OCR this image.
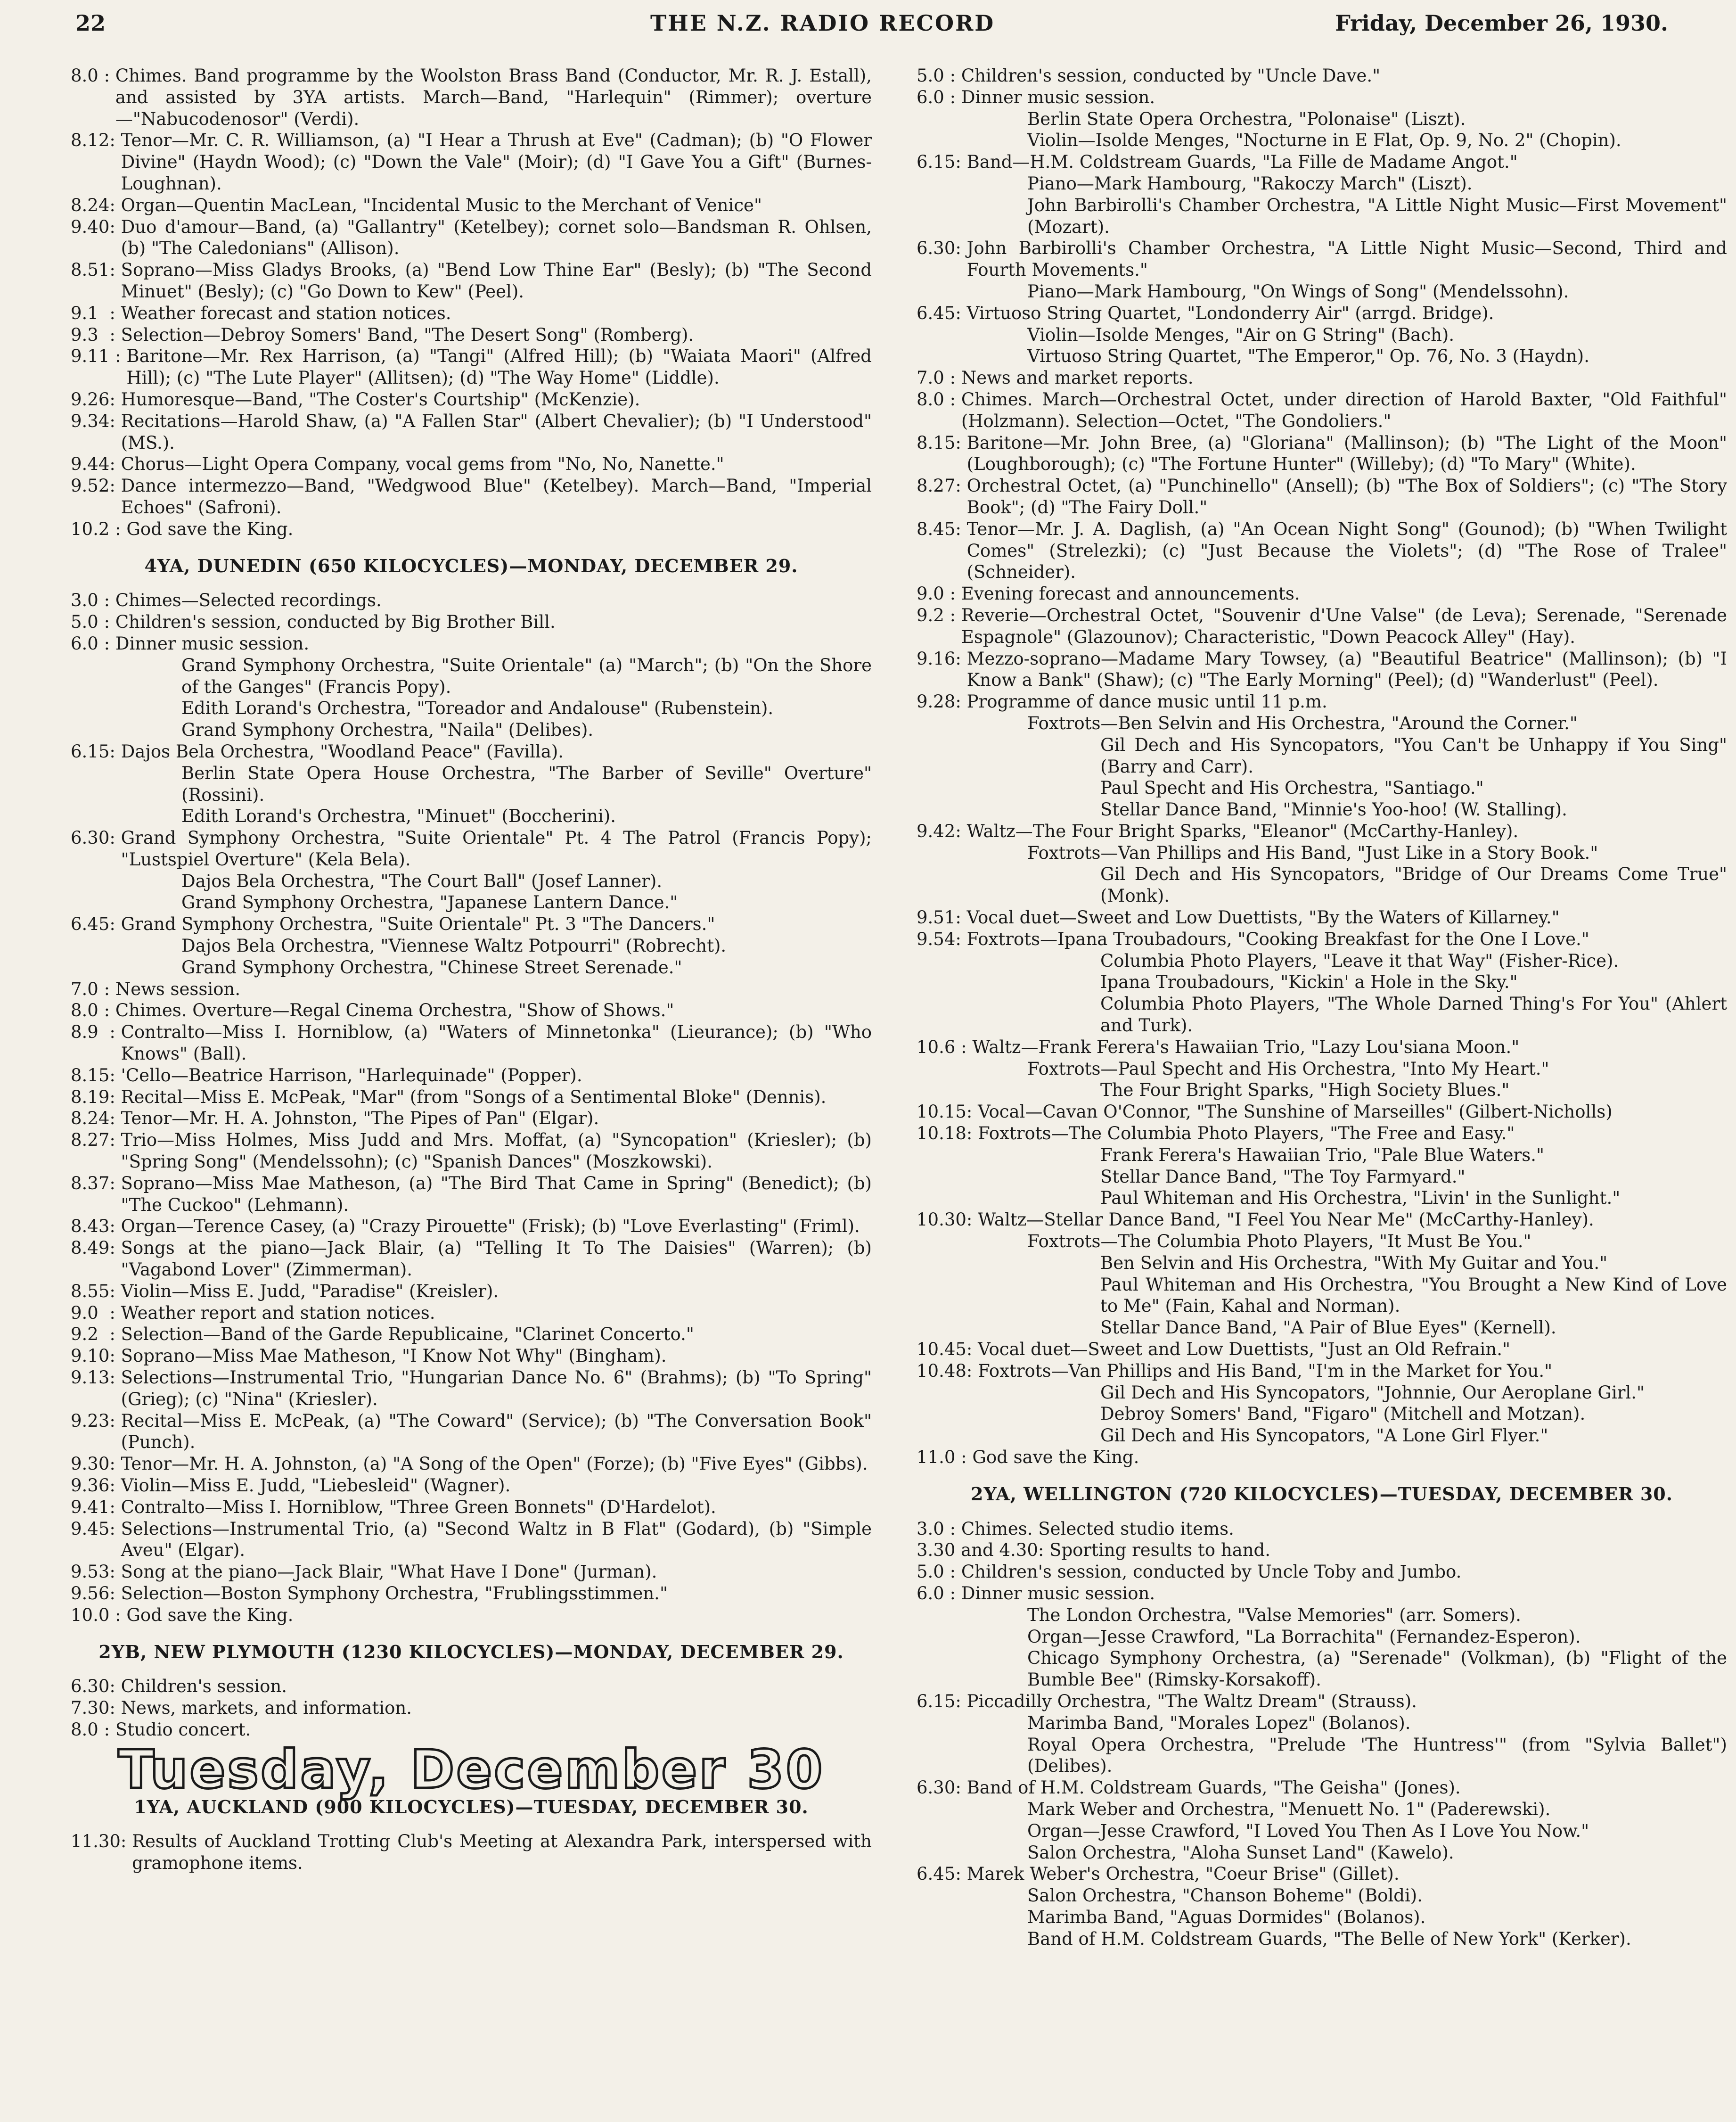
22	THE N.Z. RADIO RECORD	Friday, December 26, 1930.
8.0 : Chimes. Band programme by the Woolston Brass Band (Conductor, Mr. R. J. Estall), and assisted by 3YA artists. March—Band, "Harlequin" (Rimmer); overture—"Nabucodenosor" (Verdi).
8.12: Tenor—Mr. C. R. Williamson, (a) "I Hear a Thrush at Eve" (Cadman); (b) "O Flower Divine" (Haydn Wood); (c) "Down the Vale" (Moir); (d) "I Gave You a Gift" (Burnes-Loughnan).
8.24: Organ—Quentin MacLean, "Incidental Music to the Merchant of Venice"
9.40: Duo d'amour—Band, (a) "Gallantry" (Ketelbey); cornet solo—Bandsman R. Ohlsen, (b) "The Caledonians" (Allison).
8.51: Soprano—Miss Gladys Brooks, (a) "Bend Low Thine Ear" (Besly); (b) "The Second Minuet" (Besly); (c) "Go Down to Kew" (Peel).
9.1  : Weather forecast and station notices.
9.3  : Selection—Debroy Somers' Band, "The Desert Song" (Romberg).
9.11 : Baritone—Mr. Rex Harrison, (a) "Tangi" (Alfred Hill); (b) "Waiata Maori" (Alfred Hill); (c) "The Lute Player" (Allitsen); (d) "The Way Home" (Liddle).
9.26: Humoresque—Band, "The Coster's Courtship" (McKenzie).
9.34: Recitations—Harold Shaw, (a) "A Fallen Star" (Albert Chevalier); (b) "I Understood" (MS.).
9.44: Chorus—Light Opera Company, vocal gems from "No, No, Nanette."
9.52: Dance intermezzo—Band, "Wedgwood Blue" (Ketelbey). March—Band, "Imperial Echoes" (Safroni).
10.2 : God save the King.
4YA, DUNEDIN (650 KILOCYCLES)—MONDAY, DECEMBER 29.
3.0 : Chimes—Selected recordings.
5.0 : Children's session, conducted by Big Brother Bill.
6.0 : Dinner music session.
Grand Symphony Orchestra, "Suite Orientale" (a) "March"; (b) "On the Shore of the Ganges" (Francis Popy).
Edith Lorand's Orchestra, "Toreador and Andalouse" (Rubenstein).
Grand Symphony Orchestra, "Naila" (Delibes).
6.15: Dajos Bela Orchestra, "Woodland Peace" (Favilla).
Berlin State Opera House Orchestra, "The Barber of Seville" Overture" (Rossini).
Edith Lorand's Orchestra, "Minuet" (Boccherini).
6.30: Grand Symphony Orchestra, "Suite Orientale" Pt. 4 The Patrol (Francis Popy); "Lustspiel Overture" (Kela Bela).
Dajos Bela Orchestra, "The Court Ball" (Josef Lanner).
Grand Symphony Orchestra, "Japanese Lantern Dance."
6.45: Grand Symphony Orchestra, "Suite Orientale" Pt. 3 "The Dancers."
Dajos Bela Orchestra, "Viennese Waltz Potpourri" (Robrecht).
Grand Symphony Orchestra, "Chinese Street Serenade."
7.0 : News session.
8.0 : Chimes. Overture—Regal Cinema Orchestra, "Show of Shows."
8.9  : Contralto—Miss I. Horniblow, (a) "Waters of Minnetonka" (Lieurance); (b) "Who Knows" (Ball).
8.15: 'Cello—Beatrice Harrison, "Harlequinade" (Popper).
8.19: Recital—Miss E. McPeak, "Mar" (from "Songs of a Sentimental Bloke" (Dennis).
8.24: Tenor—Mr. H. A. Johnston, "The Pipes of Pan" (Elgar).
8.27: Trio—Miss Holmes, Miss Judd and Mrs. Moffat, (a) "Syncopation" (Kriesler); (b) "Spring Song" (Mendelssohn); (c) "Spanish Dances" (Moszkowski).
8.37: Soprano—Miss Mae Matheson, (a) "The Bird That Came in Spring" (Benedict); (b) "The Cuckoo" (Lehmann).
8.43: Organ—Terence Casey, (a) "Crazy Pirouette" (Frisk); (b) "Love Everlasting" (Friml).
8.49: Songs at the piano—Jack Blair, (a) "Telling It To The Daisies" (Warren); (b) "Vagabond Lover" (Zimmerman).
8.55: Violin—Miss E. Judd, "Paradise" (Kreisler).
9.0  : Weather report and station notices.
9.2  : Selection—Band of the Garde Republicaine, "Clarinet Concerto."
9.10: Soprano—Miss Mae Matheson, "I Know Not Why" (Bingham).
9.13: Selections—Instrumental Trio, "Hungarian Dance No. 6" (Brahms); (b) "To Spring" (Grieg); (c) "Nina" (Kriesler).
9.23: Recital—Miss E. McPeak, (a) "The Coward" (Service); (b) "The Conversation Book" (Punch).
9.30: Tenor—Mr. H. A. Johnston, (a) "A Song of the Open" (Forze); (b) "Five Eyes" (Gibbs).
9.36: Violin—Miss E. Judd, "Liebesleid" (Wagner).
9.41: Contralto—Miss I. Horniblow, "Three Green Bonnets" (D'Hardelot).
9.45: Selections—Instrumental Trio, (a) "Second Waltz in B Flat" (Godard), (b) "Simple Aveu" (Elgar).
9.53: Song at the piano—Jack Blair, "What Have I Done" (Jurman).
9.56: Selection—Boston Symphony Orchestra, "Frublingsstimmen."
10.0 : God save the King.
2YB, NEW PLYMOUTH (1230 KILOCYCLES)—MONDAY, DECEMBER 29.
6.30: Children's session.
7.30: News, markets, and information.
8.0 : Studio concert.
Tuesday, December 30
1YA, AUCKLAND (900 KILOCYCLES)—TUESDAY, DECEMBER 30.
11.30: Results of Auckland Trotting Club's Meeting at Alexandra Park, interspersed with gramophone items.
5.0 : Children's session, conducted by "Uncle Dave."
6.0 : Dinner music session.
Berlin State Opera Orchestra, "Polonaise" (Liszt).
Violin—Isolde Menges, "Nocturne in E Flat, Op. 9, No. 2" (Chopin).
6.15: Band—H.M. Coldstream Guards, "La Fille de Madame Angot."
Piano—Mark Hambourg, "Rakoczy March" (Liszt).
John Barbirolli's Chamber Orchestra, "A Little Night Music—First Movement" (Mozart).
6.30: John Barbirolli's Chamber Orchestra, "A Little Night Music—Second, Third and Fourth Movements."
Piano—Mark Hambourg, "On Wings of Song" (Mendelssohn).
6.45: Virtuoso String Quartet, "Londonderry Air" (arrgd. Bridge).
Violin—Isolde Menges, "Air on G String" (Bach).
Virtuoso String Quartet, "The Emperor," Op. 76, No. 3 (Haydn).
7.0 : News and market reports.
8.0 : Chimes. March—Orchestral Octet, under direction of Harold Baxter, "Old Faithful" (Holzmann). Selection—Octet, "The Gondoliers."
8.15: Baritone—Mr. John Bree, (a) "Gloriana" (Mallinson); (b) "The Light of the Moon" (Loughborough); (c) "The Fortune Hunter" (Willeby); (d) "To Mary" (White).
8.27: Orchestral Octet, (a) "Punchinello" (Ansell); (b) "The Box of Soldiers"; (c) "The Story Book"; (d) "The Fairy Doll."
8.45: Tenor—Mr. J. A. Daglish, (a) "An Ocean Night Song" (Gounod); (b) "When Twilight Comes" (Strelezki); (c) "Just Because the Violets"; (d) "The Rose of Tralee" (Schneider).
9.0 : Evening forecast and announcements.
9.2 : Reverie—Orchestral Octet, "Souvenir d'Une Valse" (de Leva); Serenade, "Serenade Espagnole" (Glazounov); Characteristic, "Down Peacock Alley" (Hay).
9.16: Mezzo-soprano—Madame Mary Towsey, (a) "Beautiful Beatrice" (Mallinson); (b) "I Know a Bank" (Shaw); (c) "The Early Morning" (Peel); (d) "Wanderlust" (Peel).
9.28: Programme of dance music until 11 p.m.
Foxtrots—Ben Selvin and His Orchestra, "Around the Corner."
Gil Dech and His Syncopators, "You Can't be Unhappy if You Sing" (Barry and Carr).
Paul Specht and His Orchestra, "Santiago."
Stellar Dance Band, "Minnie's Yoo-hoo! (W. Stalling).
9.42: Waltz—The Four Bright Sparks, "Eleanor" (McCarthy-Hanley).
Foxtrots—Van Phillips and His Band, "Just Like in a Story Book."
Gil Dech and His Syncopators, "Bridge of Our Dreams Come True" (Monk).
9.51: Vocal duet—Sweet and Low Duettists, "By the Waters of Killarney."
9.54: Foxtrots—Ipana Troubadours, "Cooking Breakfast for the One I Love."
Columbia Photo Players, "Leave it that Way" (Fisher-Rice).
Ipana Troubadours, "Kickin' a Hole in the Sky."
Columbia Photo Players, "The Whole Darned Thing's For You" (Ahlert and Turk).
10.6 : Waltz—Frank Ferera's Hawaiian Trio, "Lazy Lou'siana Moon."
Foxtrots—Paul Specht and His Orchestra, "Into My Heart."
The Four Bright Sparks, "High Society Blues."
10.15: Vocal—Cavan O'Connor, "The Sunshine of Marseilles" (Gilbert-Nicholls)
10.18: Foxtrots—The Columbia Photo Players, "The Free and Easy."
Frank Ferera's Hawaiian Trio, "Pale Blue Waters."
Stellar Dance Band, "The Toy Farmyard."
Paul Whiteman and His Orchestra, "Livin' in the Sunlight."
10.30: Waltz—Stellar Dance Band, "I Feel You Near Me" (McCarthy-Hanley).
Foxtrots—The Columbia Photo Players, "It Must Be You."
Ben Selvin and His Orchestra, "With My Guitar and You."
Paul Whiteman and His Orchestra, "You Brought a New Kind of Love to Me" (Fain, Kahal and Norman).
Stellar Dance Band, "A Pair of Blue Eyes" (Kernell).
10.45: Vocal duet—Sweet and Low Duettists, "Just an Old Refrain."
10.48: Foxtrots—Van Phillips and His Band, "I'm in the Market for You."
Gil Dech and His Syncopators, "Johnnie, Our Aeroplane Girl."
Debroy Somers' Band, "Figaro" (Mitchell and Motzan).
Gil Dech and His Syncopators, "A Lone Girl Flyer."
11.0 : God save the King.
2YA, WELLINGTON (720 KILOCYCLES)—TUESDAY, DECEMBER 30.
3.0 : Chimes. Selected studio items.
3.30 and 4.30: Sporting results to hand.
5.0 : Children's session, conducted by Uncle Toby and Jumbo.
6.0 : Dinner music session.
The London Orchestra, "Valse Memories" (arr. Somers).
Organ—Jesse Crawford, "La Borrachita" (Fernandez-Esperon).
Chicago Symphony Orchestra, (a) "Serenade" (Volkman), (b) "Flight of the Bumble Bee" (Rimsky-Korsakoff).
6.15: Piccadilly Orchestra, "The Waltz Dream" (Strauss).
Marimba Band, "Morales Lopez" (Bolanos).
Royal Opera Orchestra, "Prelude 'The Huntress'" (from "Sylvia Ballet") (Delibes).
6.30: Band of H.M. Coldstream Guards, "The Geisha" (Jones).
Mark Weber and Orchestra, "Menuett No. 1" (Paderewski).
Organ—Jesse Crawford, "I Loved You Then As I Love You Now."
Salon Orchestra, "Aloha Sunset Land" (Kawelo).
6.45: Marek Weber's Orchestra, "Coeur Brise" (Gillet).
Salon Orchestra, "Chanson Boheme" (Boldi).
Marimba Band, "Aguas Dormides" (Bolanos).
Band of H.M. Coldstream Guards, "The Belle of New York" (Kerker).
